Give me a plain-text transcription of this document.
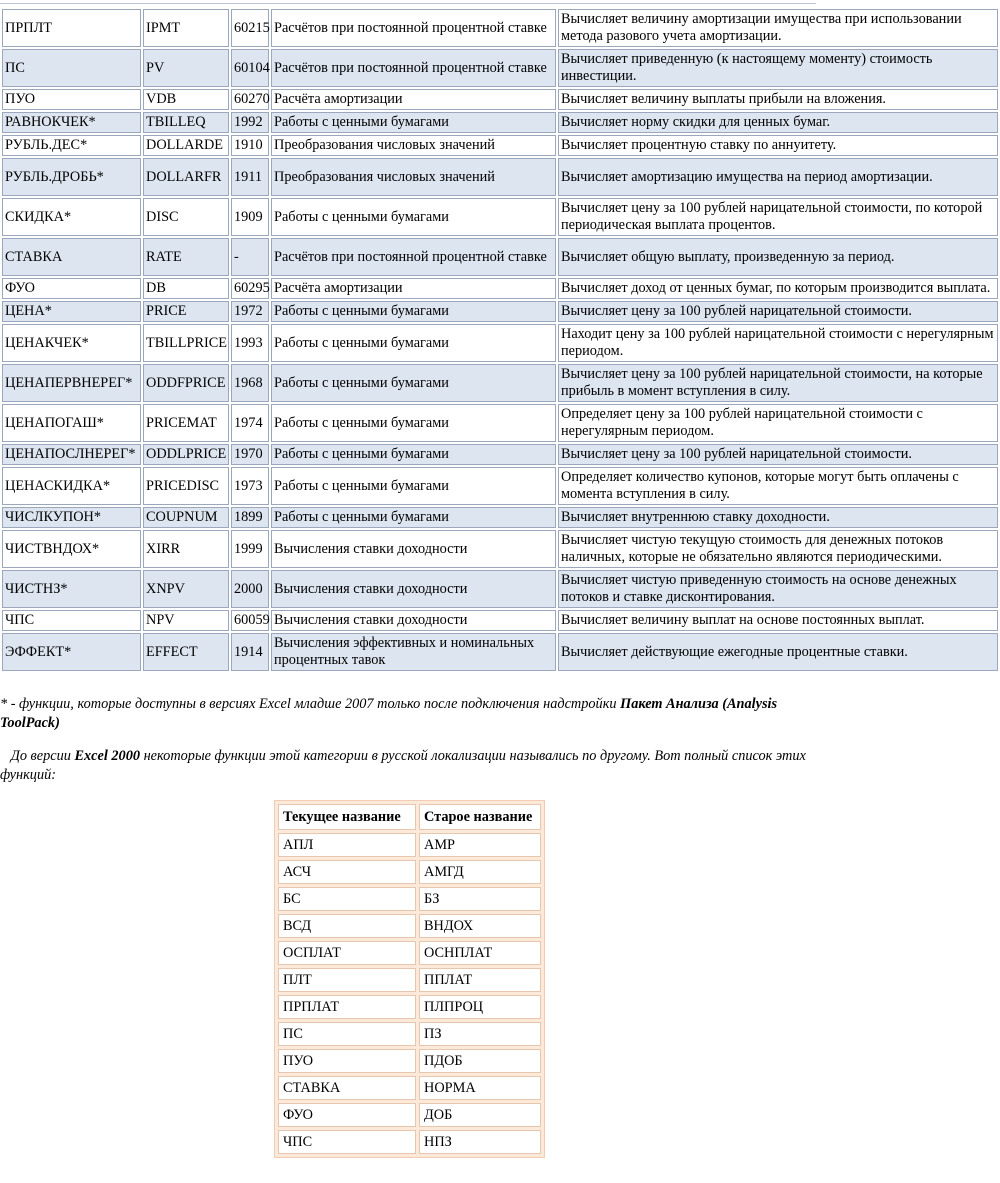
ПРПЛТ	IPMT	60215	Расчётов при постоянной процентной ставке	Вычисляет величину амортизации имущества при использовании метода разового учета амортизации.
ПС	PV	60104	Расчётов при постоянной процентной ставке	Вычисляет приведенную (к настоящему моменту) стоимость инвестиции.
ПУО	VDB	60270	Расчёта амортизации	Вычисляет величину выплаты прибыли на вложения.
РАВНОКЧЕК*	TBILLEQ	1992	Работы с ценными бумагами	Вычисляет норму скидки для ценных бумаг.
РУБЛЬ.ДЕС*	DOLLARDE	1910	Преобразования числовых значений	Вычисляет процентную ставку по аннуитету.
РУБЛЬ.ДРОБЬ*	DOLLARFR	1911	Преобразования числовых значений	Вычисляет амортизацию имущества на период амортизации.
СКИДКА*	DISC	1909	Работы с ценными бумагами	Вычисляет цену за 100 рублей нарицательной стоимости, по которой периодическая выплата процентов.
СТАВКА	RATE	-	Расчётов при постоянной процентной ставке	Вычисляет общую выплату, произведенную за период.
ФУО	DB	60295	Расчёта амортизации	Вычисляет доход от ценных бумаг, по которым производится выплата.
ЦЕНА*	PRICE	1972	Работы с ценными бумагами	Вычисляет цену за 100 рублей нарицательной стоимости.
ЦЕНАКЧЕК*	TBILLPRICE	1993	Работы с ценными бумагами	Находит цену за 100 рублей нарицательной стоимости с нерегулярным периодом.
ЦЕНАПЕРВНЕРЕГ*	ODDFPRICE	1968	Работы с ценными бумагами	Вычисляет цену за 100 рублей нарицательной стоимости, на которые прибыль в момент вступления в силу.
ЦЕНАПОГАШ*	PRICEMAT	1974	Работы с ценными бумагами	Определяет цену за 100 рублей нарицательной стоимости с нерегулярным периодом.
ЦЕНАПОСЛНЕРЕГ*	ODDLPRICE	1970	Работы с ценными бумагами	Вычисляет цену за 100 рублей нарицательной стоимости.
ЦЕНАСКИДКА*	PRICEDISC	1973	Работы с ценными бумагами	Определяет количество купонов, которые могут быть оплачены с момента вступления в силу.
ЧИСЛКУПОН*	COUPNUM	1899	Работы с ценными бумагами	Вычисляет внутреннюю ставку доходности.
ЧИСТВНДОХ*	XIRR	1999	Вычисления ставки доходности	Вычисляет чистую текущую стоимость для денежных потоков наличных, которые не обязательно являются периодическими.
ЧИСТНЗ*	XNPV	2000	Вычисления ставки доходности	Вычисляет чистую приведенную стоимость на основе денежных потоков и ставке дисконтирования.
ЧПС	NPV	60059	Вычисления ставки доходности	Вычисляет величину выплат на основе постоянных выплат.
ЭФФЕКТ*	EFFECT	1914	Вычисления эффективных и номинальных процентных тавок	Вычисляет действующие ежегодные процентные ставки.
* - функции, которые доступны в версиях Excel младше 2007 только после подключения надстройки Пакет Анализа (Analysis ToolPack)
До версии Excel 2000 некоторые функции этой категории в русской локализации назывались по другому. Вот полный список этих функций:
Текущее название	Старое название
АПЛ	АМР
АСЧ	АМГД
БС	БЗ
ВСД	ВНДОХ
ОСПЛАТ	ОСНПЛАТ
ПЛТ	ППЛАТ
ПРПЛАТ	ПЛПРОЦ
ПС	ПЗ
ПУО	ПДОБ
СТАВКА	НОРМА
ФУО	ДОБ
ЧПС	НПЗ
